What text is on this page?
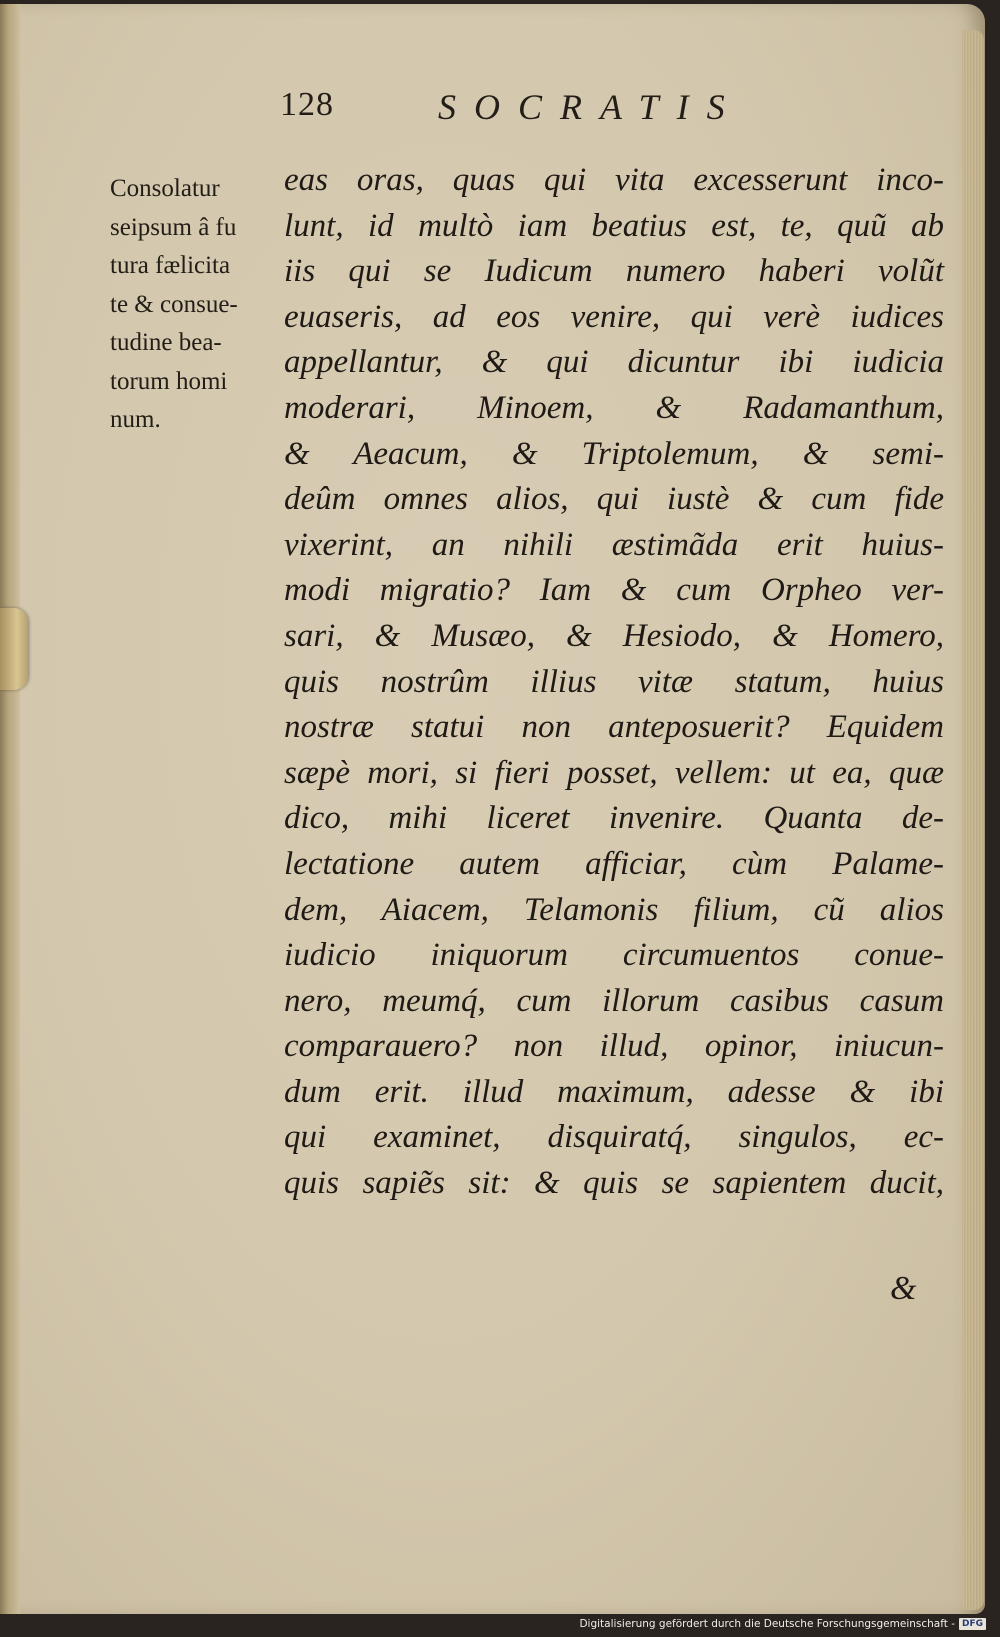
128	SOCRATIS
Consolatur
seipsum â fu
tura fælicita
te & consue-
tudine bea-
torum homi
num.
eas oras, quas qui vita excesserunt inco-
lunt, id multò iam beatius est, te, quũ ab
iis qui se Iudicum numero haberi volũt
euaseris, ad eos venire, qui verè iudices
appellantur, & qui dicuntur ibi iudicia
moderari, Minoem, & Radamanthum,
& Aeacum, & Triptolemum, & semi-
deûm omnes alios, qui iustè & cum fide
vixerint, an nihili æstimãda erit huius-
modi migratio? Iam & cum Orpheo ver-
sari, & Musæo, & Hesiodo, & Homero,
quis nostrûm illius vitæ statum, huius
nostræ statui non anteposuerit? Equidem
sæpè mori, si fieri posset, vellem: ut ea, quæ
dico, mihi liceret invenire. Quanta de-
lectatione autem afficiar, cùm Palame-
dem, Aiacem, Telamonis filium, cũ alios
iudicio iniquorum circumuentos conue-
nero, meumq́, cum illorum casibus casum
comparauero? non illud, opinor, iniucun-
dum erit. illud maximum, adesse & ibi
qui examinet, disquiratq́, singulos, ec-
quis sapiẽs sit: & quis se sapientem ducit,
&
Digitalisierung gefördert durch die Deutsche Forschungsgemeinschaft - DFG
